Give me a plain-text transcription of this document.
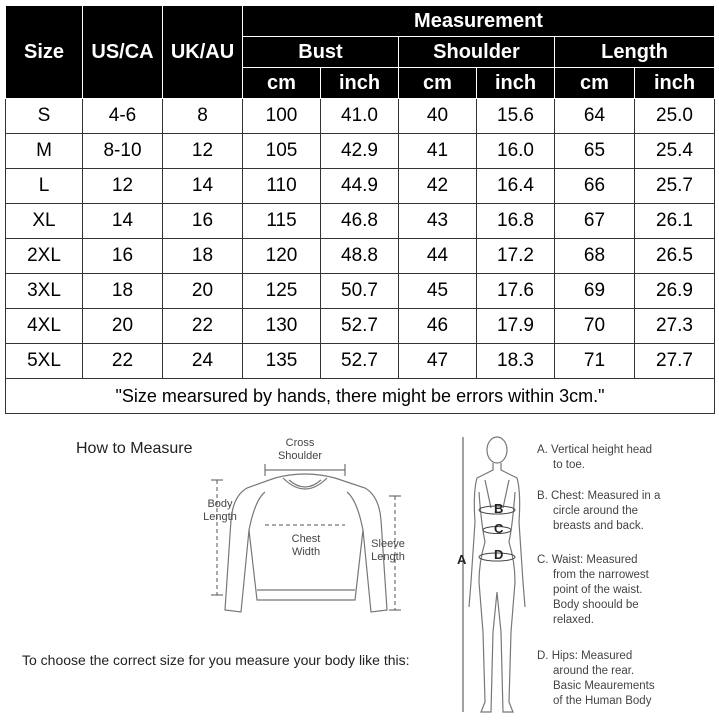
Size	US/CA	UK/AU	Measurement					
			Bust		Shoulder		Length	
			cm	inch	cm	inch	cm	inch
S	4-6	8	100	41.0	40	15.6	64	25.0
M	8-10	12	105	42.9	41	16.0	65	25.4
L	12	14	110	44.9	42	16.4	66	25.7
XL	14	16	115	46.8	43	16.8	67	26.1
2XL	16	18	120	48.8	44	17.2	68	26.5
3XL	18	20	125	50.7	45	17.6	69	26.9
4XL	20	22	130	52.7	46	17.9	70	27.3
5XL	22	24	135	52.7	47	18.3	71	27.7
"Size mearsured by hands, there might be errors within 3cm."								
How to Measure	Cross
Shoulder
Body
Length
Chest
Width
Sleeve
Length
To choose the correct size for you measure your body like this:
A
B
C
D
A. Vertical height head
to toe.
B. Chest: Measured in a
circle around the
breasts and back.
C. Waist: Measured
from the narrowest
point of the waist.
Body shoould be
relaxed.
D. Hips: Measured
around the rear.
Basic Meaurements
of the Human Body
